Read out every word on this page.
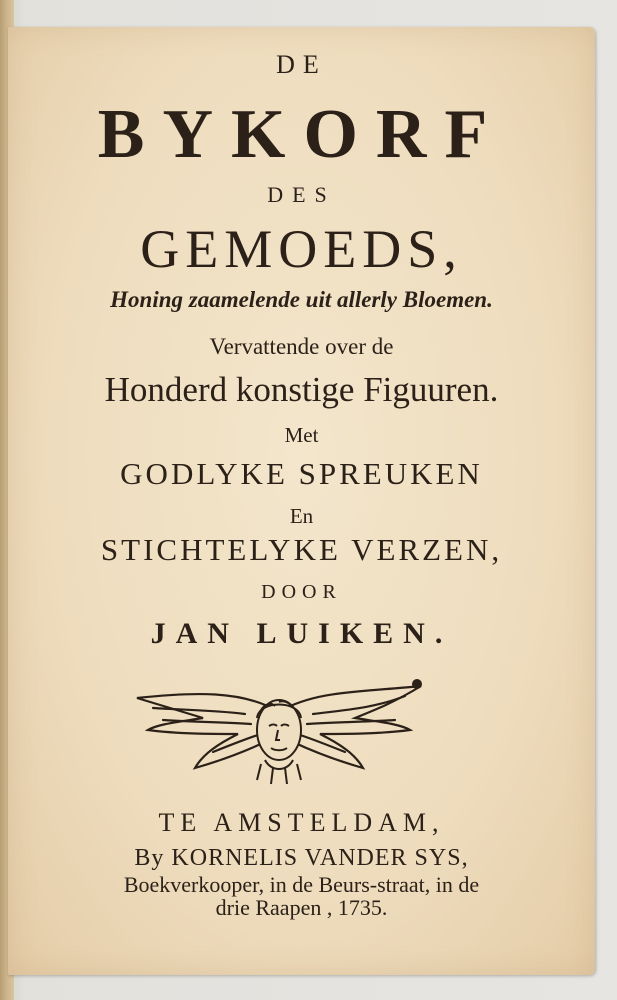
DE

BYKORF

DES

GEMOEDS,

Honing zaamelende uit allerly Bloemen.

Vervattende over de

Honderd konstige Figuuren.

Met

GODLYKE SPREUKEN

En

STICHTELYKE VERZEN,

DOOR

JAN LUIKEN.

TE AMSTELDAM,

By KORNELIS VANDER SYS,

Boekverkooper, in de Beurs-straat, in de

drie Raapen , 1735.
